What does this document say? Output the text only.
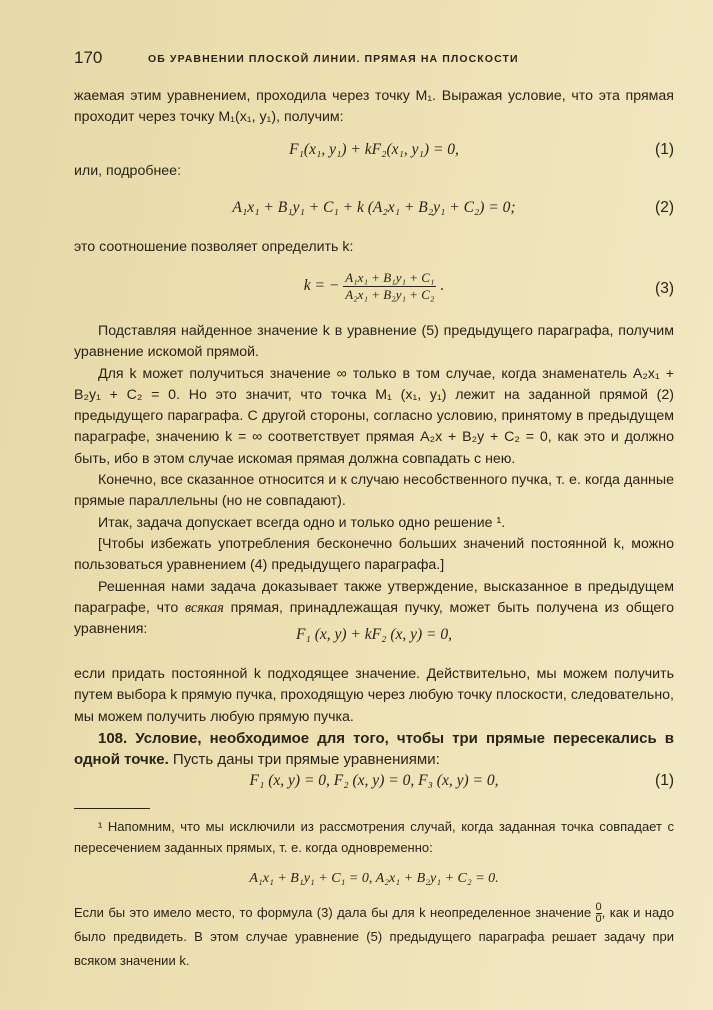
170	ОБ УРАВНЕНИИ ПЛОСКОЙ ЛИНИИ. ПРЯМАЯ НА ПЛОСКОСТИ

жаемая этим уравнением, проходила через точку M₁. Выражая условие, что эта прямая проходит через точку M₁(x₁, y₁), получим:

F₁(x₁, y₁) + kF₂(x₁, y₁) = 0,	(1)

или, подробнее:

A₁x₁ + B₁y₁ + C₁ + k (A₂x₁ + B₂y₁ + C₂) = 0;	(2)

это соотношение позволяет определить k:

k = − $\frac{\text{A₁x₁ + B₁y₁ + C₁}}{\text{A₂x₁ + B₂y₁ + C₂}}$ .	(3)

Подставляя найденное значение k в уравнение (5) предыдущего параграфа, получим уравнение искомой прямой.

Для k может получиться значение ∞ только в том случае, когда знаменатель A₂x₁ + B₂y₁ + C₂ = 0. Но это значит, что точка M₁ (x₁, y₁) лежит на заданной прямой (2) предыдущего параграфа. С другой стороны, согласно условию, принятому в предыдущем параграфе, значению k = ∞ соответствует прямая A₂x + B₂y + C₂ = 0, как это и должно быть, ибо в этом случае искомая прямая должна совпадать с нею.

Конечно, все сказанное относится и к случаю несобственного пучка, т. е. когда данные прямые параллельны (но не совпадают).

Итак, задача допускает всегда одно и только одно решение ¹.

[Чтобы избежать употребления бесконечно больших значений постоянной k, можно пользоваться уравнением (4) предыдущего параграфа.]

Решенная нами задача доказывает также утверждение, высказанное в предыдущем параграфе, что всякая прямая, принадлежащая пучку, может быть получена из общего уравнения:	F₁ (x, y) + kF₂ (x, y) = 0,

если придать постоянной k подходящее значение. Действительно, мы можем получить путем выбора k прямую пучка, проходящую через любую точку плоскости, следовательно, мы можем получить любую прямую пучка.

108. Условие, необходимое для того, чтобы три прямые пересекались в одной точке. Пусть даны три прямые уравнениями:

F₁ (x, y) = 0, F₂ (x, y) = 0, F₃ (x, y) = 0,	(1)

¹ Напомним, что мы исключили из рассмотрения случай, когда заданная точка совпадает с пересечением заданных прямых, т. е. когда одновременно:

A₁x₁ + B₁y₁ + C₁ = 0, A₂x₁ + B₂y₁ + C₂ = 0.

Если бы это имело место, то формула (3) дала бы для k неопределенное значение $\frac{0}{0}$ , как и надо было предвидеть. В этом случае уравнение (5) предыдущего параграфа решает задачу при всяком значении k.
